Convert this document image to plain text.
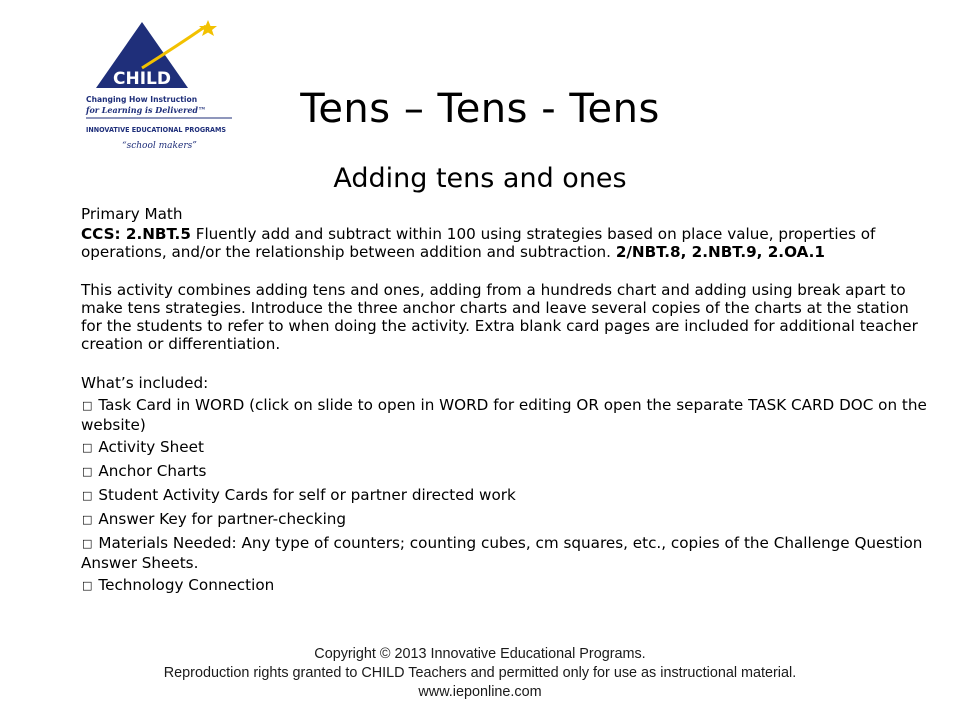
CHILD
Changing How Instruction
for Learning is Delivered™
INNOVATIVE EDUCATIONAL PROGRAMS
“school makers”
Tens – Tens - Tens
Adding tens and ones

Primary Math

CCS: 2.NBT.5 Fluently add and subtract within 100 using strategies based on place value, properties of operations, and/or the relationship between addition and subtraction. 2/NBT.8, 2.NBT.9, 2.OA.1

This activity combines adding tens and ones, adding from a hundreds chart and adding using break apart to make tens strategies. Introduce the three anchor charts and leave several copies of the charts at the station for the students to refer to when doing the activity. Extra blank card pages are included for additional teacher creation or differentiation.

What’s included:

□ Task Card in WORD (click on slide to open in WORD for editing OR open the separate TASK CARD DOC on the website)

□ Activity Sheet

□ Anchor Charts

□ Student Activity Cards for self or partner directed work

□ Answer Key for partner-checking

□ Materials Needed: Any type of counters; counting cubes, cm squares, etc., copies of the Challenge Question Answer Sheets.

□ Technology Connection

Copyright © 2013 Innovative Educational Programs.
Reproduction rights granted to CHILD Teachers and permitted only for use as instructional material.
www.ieponline.com
